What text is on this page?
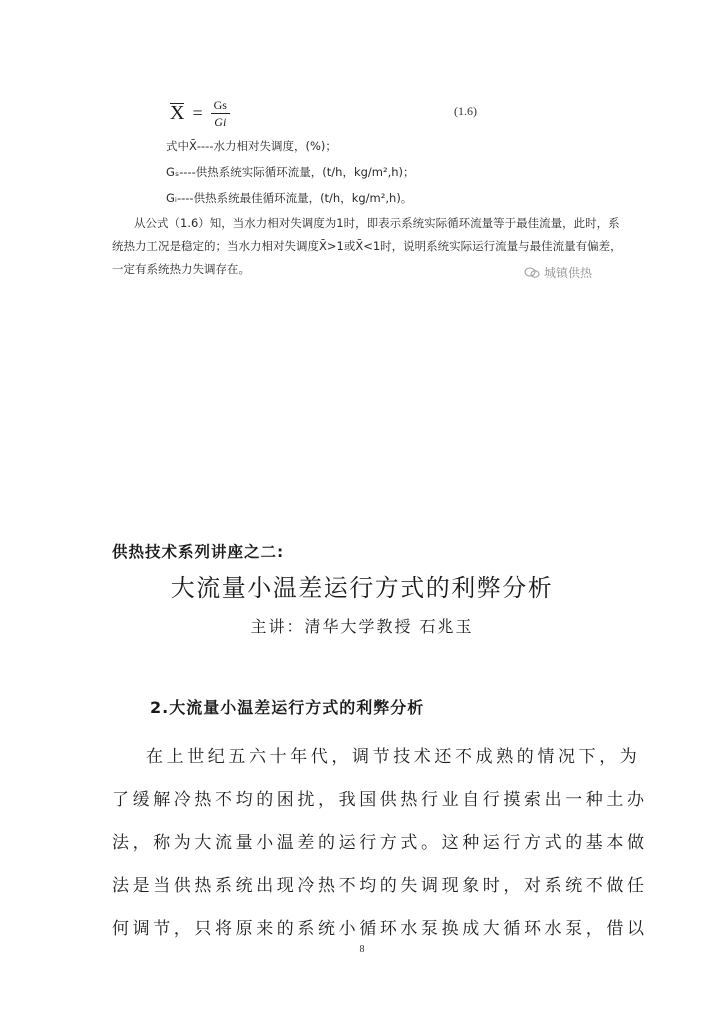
$X = \frac{Gs}{Gi}$	(1.6)
式中X̄----水力相对失调度，(%)；
Gₛ----供热系统实际循环流量，(t/h，kg/m²,h)；
Gᵢ----供热系统最佳循环流量，(t/h，kg/m²,h)。
从公式（1.6）知，当水力相对失调度为1时，即表示系统实际循环流量等于最佳流量，此时，系统热力工况是稳定的；当水力相对失调度X̄>1或X̄<1时，说明系统实际运行流量与最佳流量有偏差，一定有系统热力失调存在。	城镇供热
供热技术系列讲座之二:
大流量小温差运行方式的利弊分析
主讲：清华大学教授 石兆玉
2.大流量小温差运行方式的利弊分析
在上世纪五六十年代，调节技术还不成熟的情况下，为
了缓解冷热不均的困扰，我国供热行业自行摸索出一种土办
法，称为大流量小温差的运行方式。这种运行方式的基本做
法是当供热系统出现冷热不均的失调现象时，对系统不做任
何调节，只将原来的系统小循环水泵换成大循环水泵，借以
8
